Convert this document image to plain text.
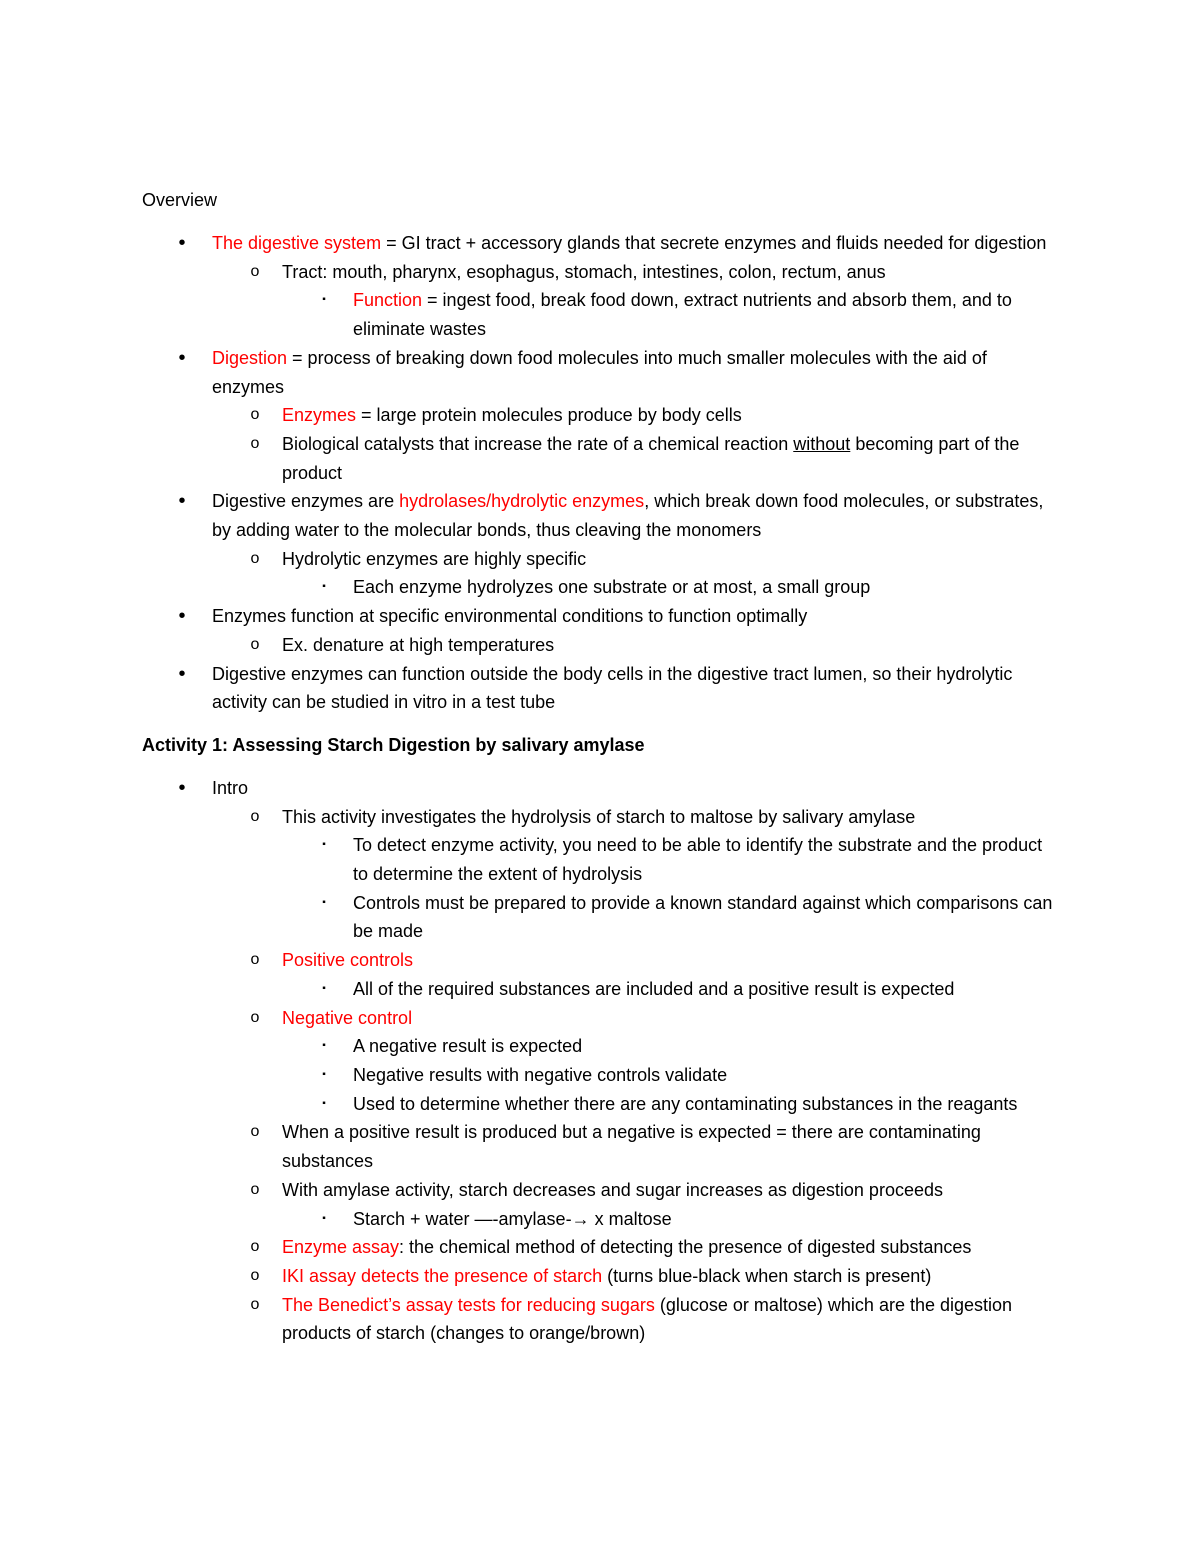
Overview
•	The digestive system = GI tract + accessory glands that secrete enzymes and fluids needed for digestion
o	Tract: mouth, pharynx, esophagus, stomach, intestines, colon, rectum, anus
▪	Function = ingest food, break food down, extract nutrients and absorb them, and to eliminate wastes
•	Digestion = process of breaking down food molecules into much smaller molecules with the aid of enzymes
o	Enzymes = large protein molecules produce by body cells
o	Biological catalysts that increase the rate of a chemical reaction without becoming part of the product
•	Digestive enzymes are hydrolases/hydrolytic enzymes, which break down food molecules, or substrates, by adding water to the molecular bonds, thus cleaving the monomers
o	Hydrolytic enzymes are highly specific
▪	Each enzyme hydrolyzes one substrate or at most, a small group
•	Enzymes function at specific environmental conditions to function optimally
o	Ex. denature at high temperatures
•	Digestive enzymes can function outside the body cells in the digestive tract lumen, so their hydrolytic activity can be studied in vitro in a test tube
Activity 1: Assessing Starch Digestion by salivary amylase
•	Intro
o	This activity investigates the hydrolysis of starch to maltose by salivary amylase
▪	To detect enzyme activity, you need to be able to identify the substrate and the product to determine the extent of hydrolysis
▪	Controls must be prepared to provide a known standard against which comparisons can be made
o	Positive controls
▪	All of the required substances are included and a positive result is expected
o	Negative control
▪	A negative result is expected
▪	Negative results with negative controls validate
▪	Used to determine whether there are any contaminating substances in the reagants
o	When a positive result is produced but a negative is expected = there are contaminating substances
o	With amylase activity, starch decreases and sugar increases as digestion proceeds
▪	Starch + water —-amylase-→ x maltose
o	Enzyme assay: the chemical method of detecting the presence of digested substances
o	IKI assay detects the presence of starch (turns blue-black when starch is present)
o	The Benedict’s assay tests for reducing sugars (glucose or maltose) which are the digestion products of starch (changes to orange/brown)
